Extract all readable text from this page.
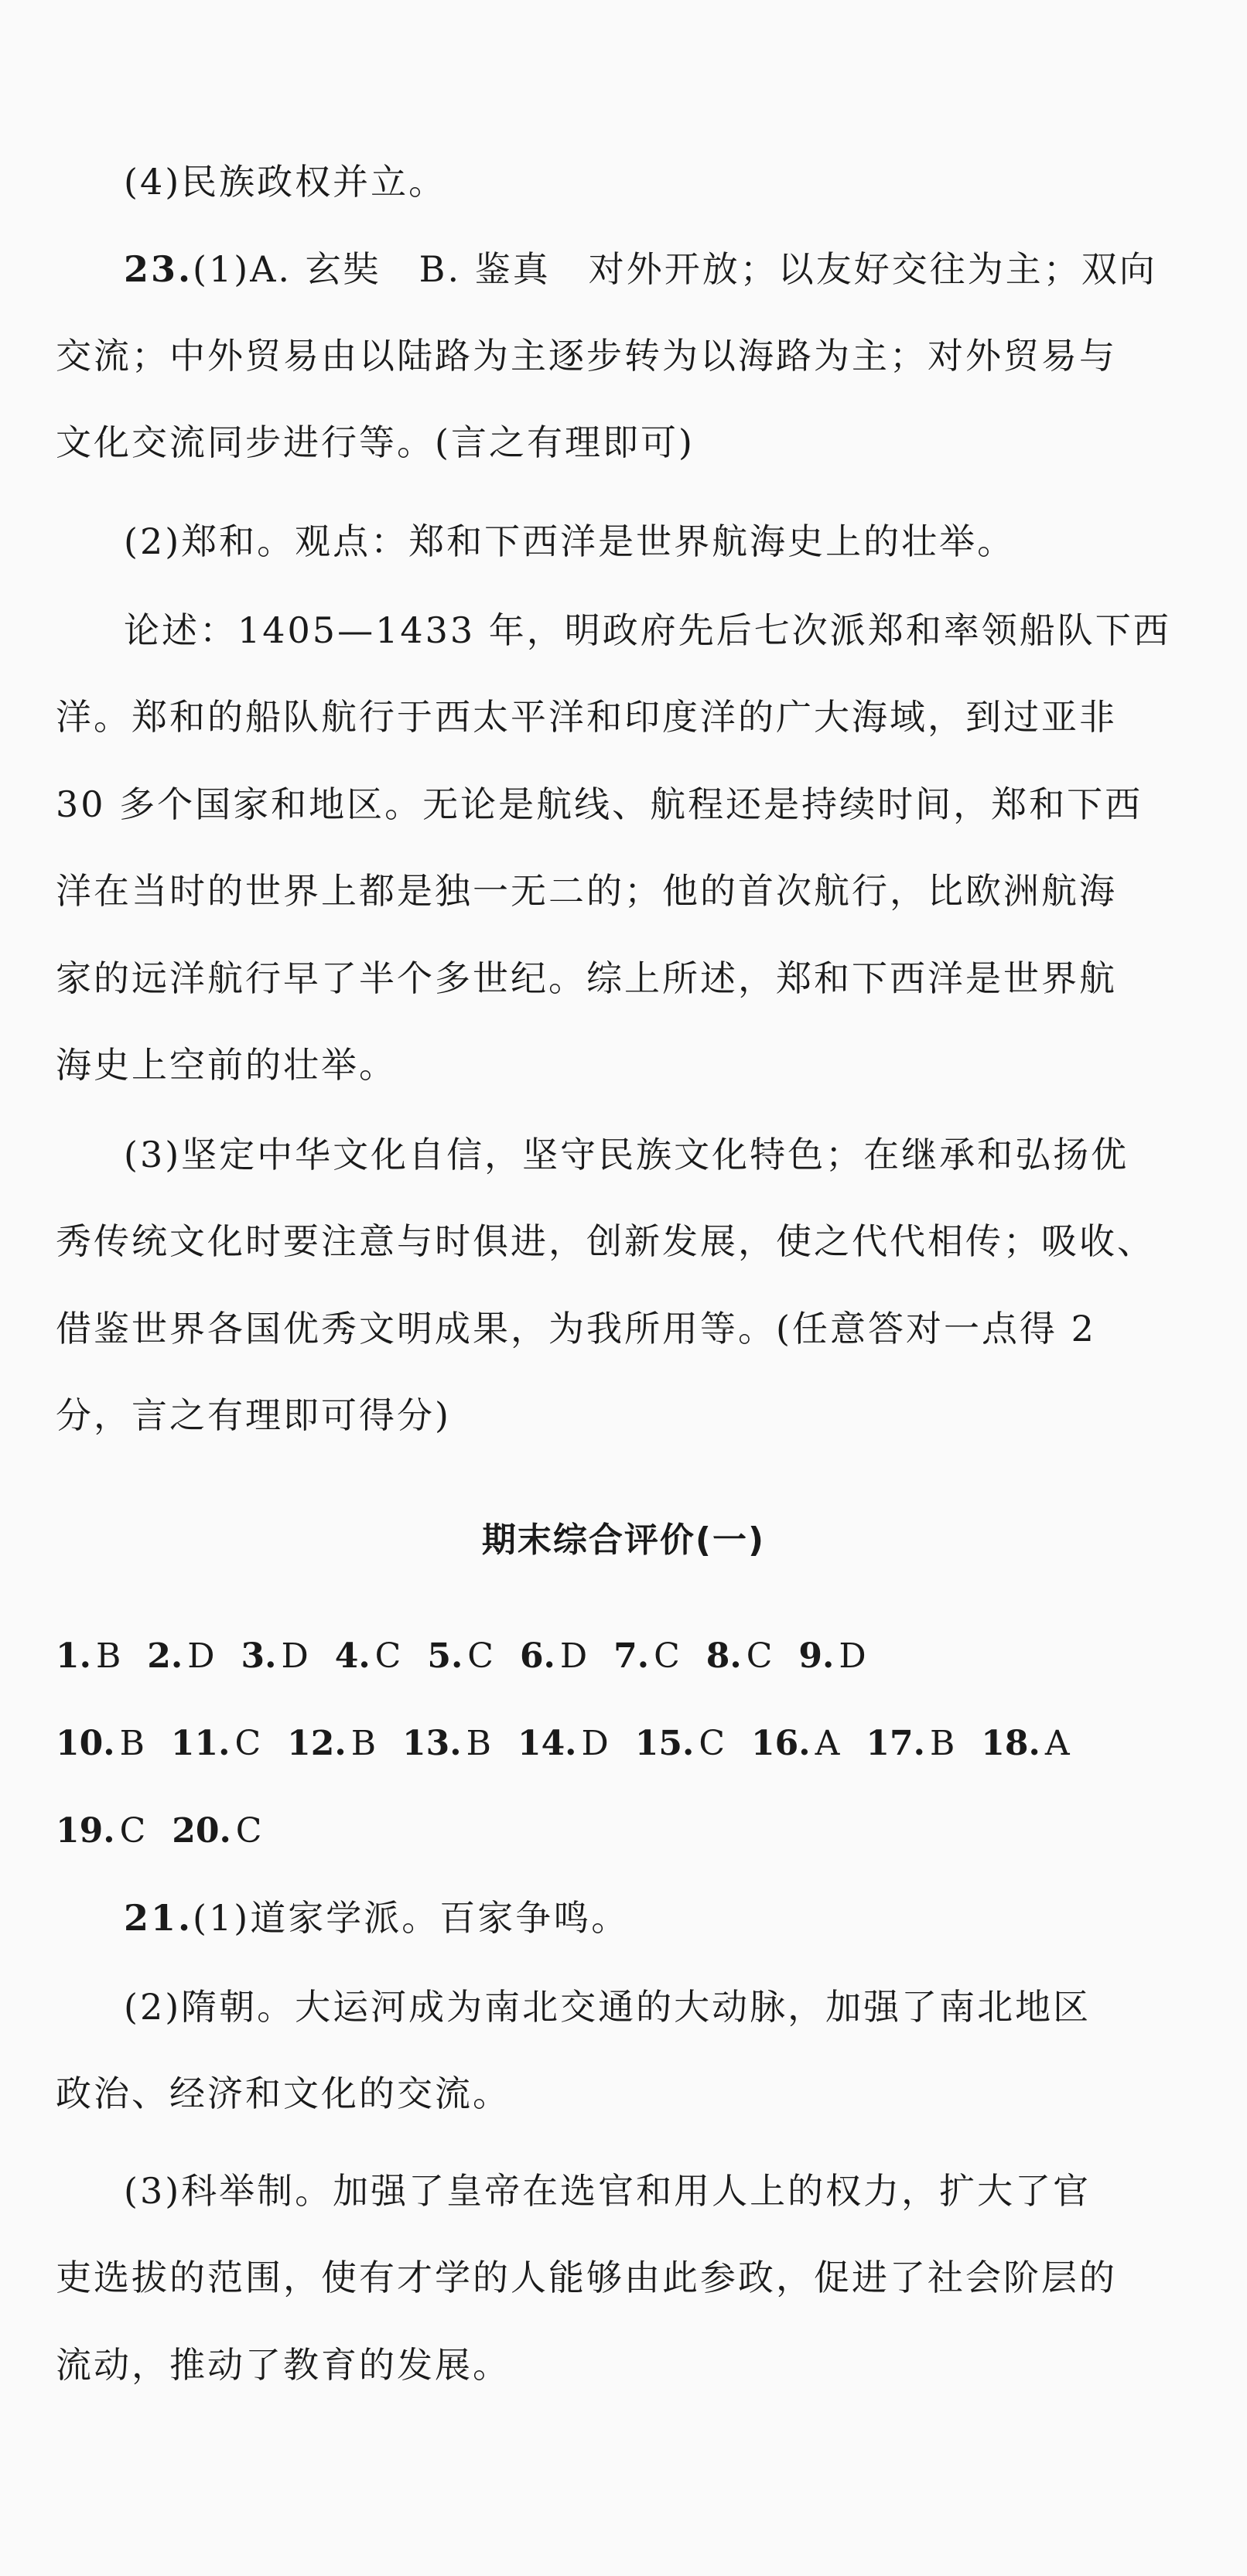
(4)民族政权并立。
23.(1)A. 玄奘　B. 鉴真　对外开放；以友好交往为主；双向
交流；中外贸易由以陆路为主逐步转为以海路为主；对外贸易与
文化交流同步进行等。(言之有理即可)
(2)郑和。观点：郑和下西洋是世界航海史上的壮举。
论述：1405—1433 年，明政府先后七次派郑和率领船队下西
洋。郑和的船队航行于西太平洋和印度洋的广大海域，到过亚非
30 多个国家和地区。无论是航线、航程还是持续时间，郑和下西
洋在当时的世界上都是独一无二的；他的首次航行，比欧洲航海
家的远洋航行早了半个多世纪。综上所述，郑和下西洋是世界航
海史上空前的壮举。
(3)坚定中华文化自信，坚守民族文化特色；在继承和弘扬优
秀传统文化时要注意与时俱进，创新发展，使之代代相传；吸收、
借鉴世界各国优秀文明成果，为我所用等。(任意答对一点得 2
分，言之有理即可得分)
期末综合评价(一)
1. B 2. D 3. D 4. C 5. C 6. D 7. C 8. C 9. D
10. B 11. C 12. B 13. B 14. D 15. C 16. A 17. B 18. A
19. C 20. C
21.(1)道家学派。百家争鸣。
(2)隋朝。大运河成为南北交通的大动脉，加强了南北地区
政治、经济和文化的交流。
(3)科举制。加强了皇帝在选官和用人上的权力，扩大了官
吏选拔的范围，使有才学的人能够由此参政，促进了社会阶层的
流动，推动了教育的发展。
